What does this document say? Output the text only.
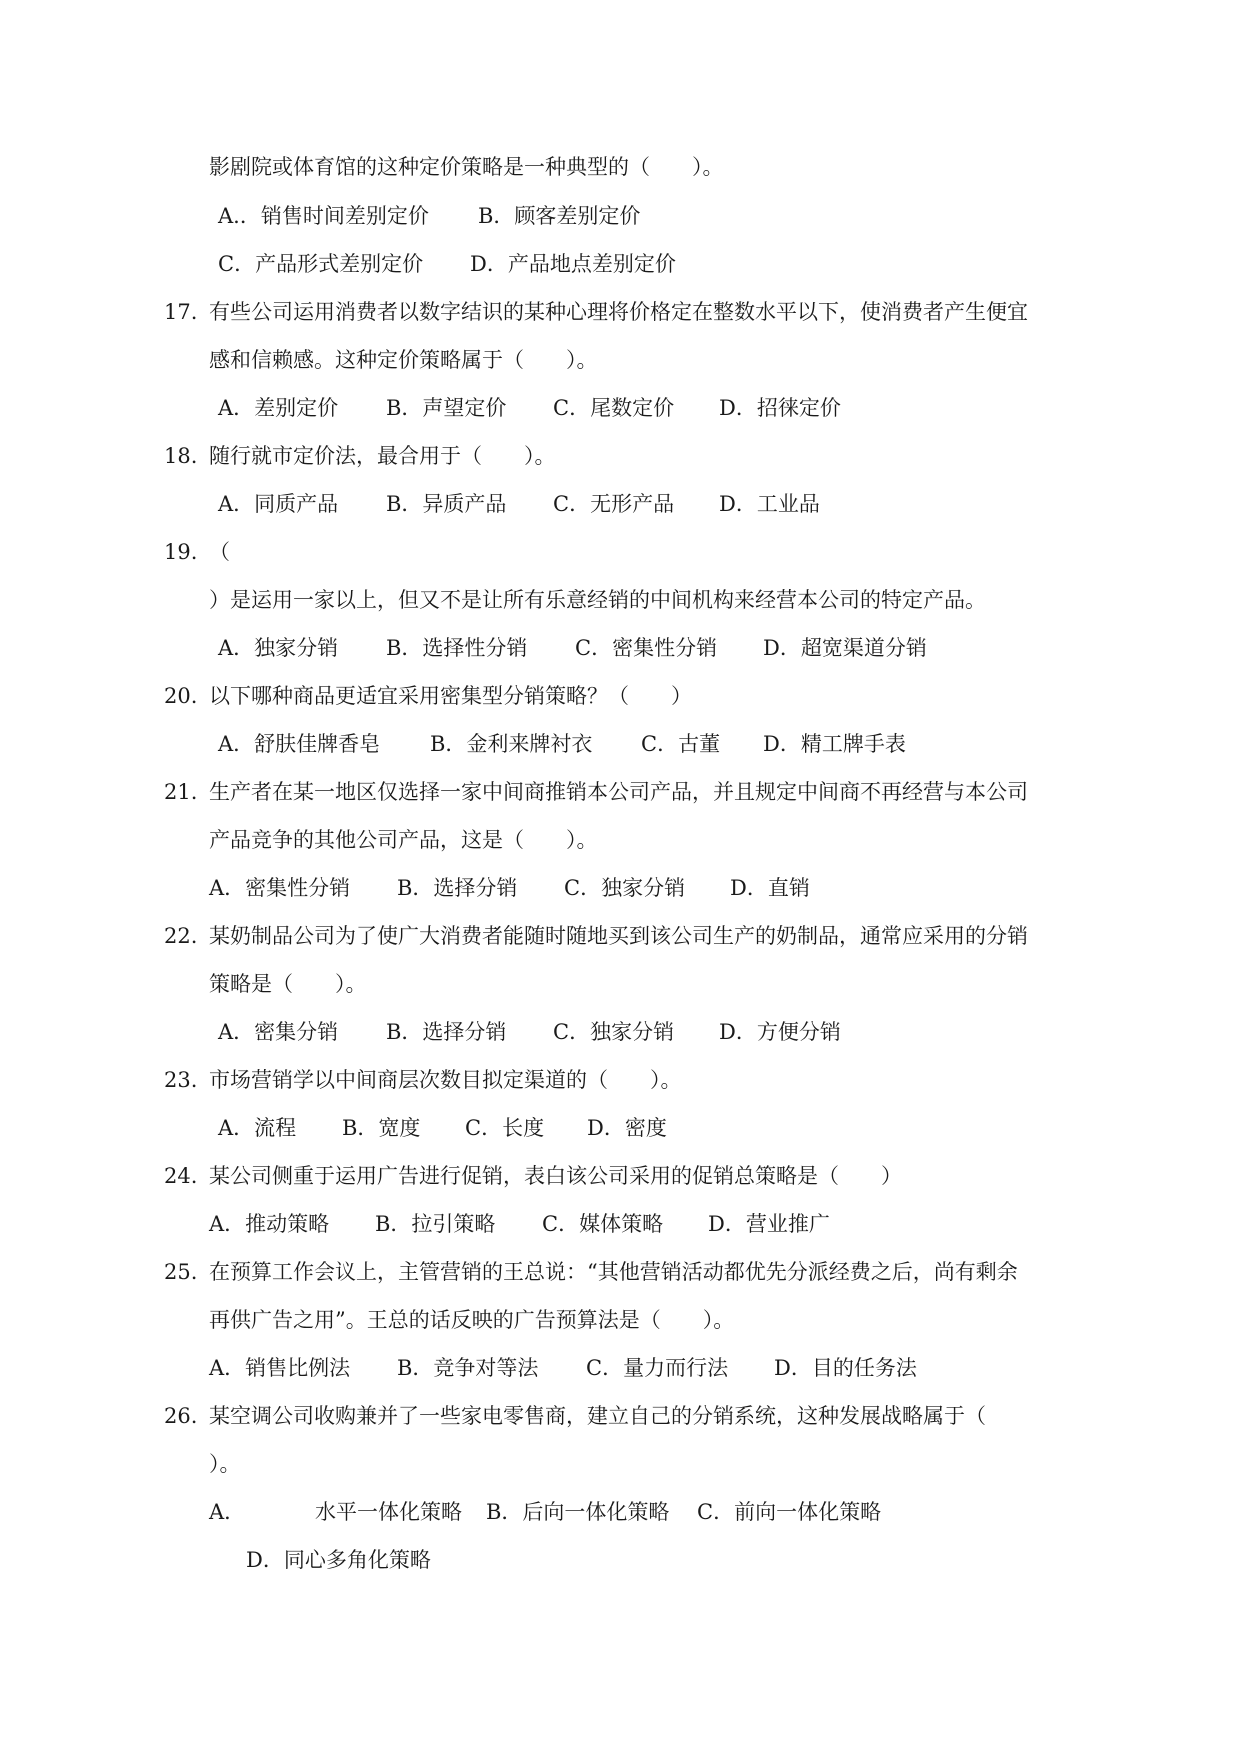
影剧院或体育馆的这种定价策略是一种典型的（　　）。
A.．销售时间差别定价 B．顾客差别定价
C．产品形式差别定价 D．产品地点差别定价
17. 有些公司运用消费者以数字结识的某种心理将价格定在整数水平以下，使消费者产生便宜
感和信赖感。这种定价策略属于（　　）。
A．差别定价 B．声望定价 C．尾数定价 D．招徕定价
18. 随行就市定价法，最合用于（　　）。
A．同质产品 B．异质产品 C．无形产品 D．工业品
19. （
）是运用一家以上，但又不是让所有乐意经销的中间机构来经营本公司的特定产品。
A．独家分销 B．选择性分销 C．密集性分销 D．超宽渠道分销
20. 以下哪种商品更适宜采用密集型分销策略？（　　）
A．舒肤佳牌香皂 B．金利来牌衬衣 C．古董 D．精工牌手表
21. 生产者在某一地区仅选择一家中间商推销本公司产品，并且规定中间商不再经营与本公司
产品竞争的其他公司产品，这是（　　）。
A．密集性分销 B．选择分销 C．独家分销 D．直销
22. 某奶制品公司为了使广大消费者能随时随地买到该公司生产的奶制品，通常应采用的分销
策略是（　　）。
A．密集分销 B．选择分销 C．独家分销 D．方便分销
23. 市场营销学以中间商层次数目拟定渠道的（　　）。
A．流程 B．宽度 C．长度 D．密度
24. 某公司侧重于运用广告进行促销，表白该公司采用的促销总策略是（　　）
A．推动策略 B．拉引策略 C．媒体策略 D．营业推广
25. 在预算工作会议上，主管营销的王总说：“其他营销活动都优先分派经费之后，尚有剩余
再供广告之用”。王总的话反映的广告预算法是（　　）。
A．销售比例法 B．竞争对等法 C．量力而行法 D．目的任务法
26. 某空调公司收购兼并了一些家电零售商，建立自己的分销系统，这种发展战略属于（
）。
A．	水平一体化策略 B．后向一体化策略 C．前向一体化策略
D．同心多角化策略
